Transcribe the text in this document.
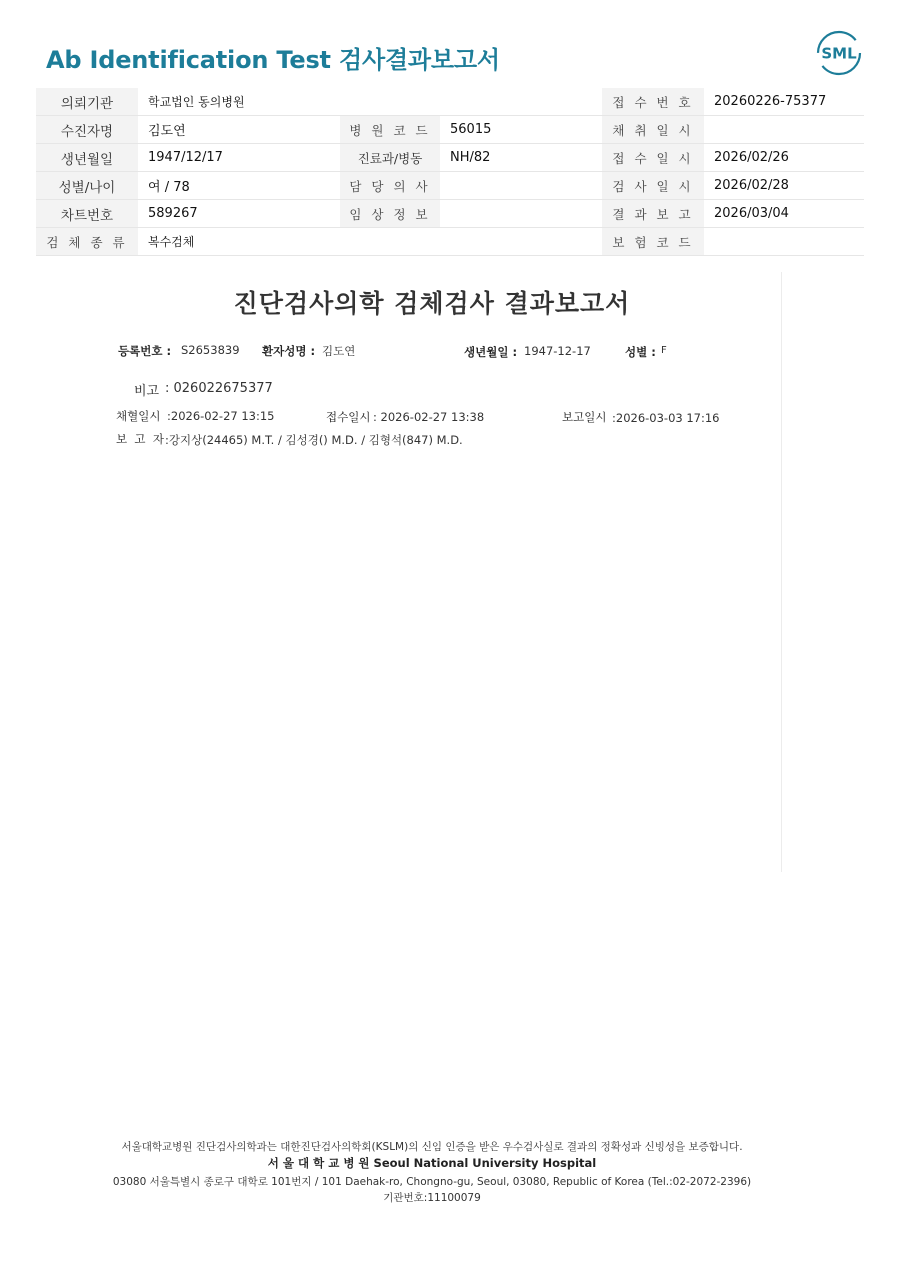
Ab Identification Test 검사결과보고서	SML
의뢰기관	학교법인 동의병원			접 수 번 호	20260226-75377
수진자명	김도연	병 원 코 드	56015	채 취 일 시	
생년월일	1947/12/17	진료과/병동	NH/82	접 수 일 시	2026/02/26
성별/나이	여 / 78	담 당 의 사		검 사 일 시	2026/02/28
차트번호	589267	임 상 정 보		결 과 보 고	2026/03/04
검 체 종 류	복수검체			보 험 코 드	
진단검사의학 검체검사 결과보고서
등록번호 : S2653839 환자성명 : 김도연	생년월일 : 1947-12-17	성별 : F
비고 : 026022675377
채혈일시 :2026-02-27 13:15	접수일시 : 2026-02-27 13:38	보고일시 :2026-03-03 17:16
보  고  자 :강지상(24465) M.T. / 김성경() M.D. / 김형석(847) M.D.
서울대학교병원 진단검사의학과는 대한진단검사의학회(KSLM)의 신임 인증을 받은 우수검사실로 결과의 정확성과 신빙성을 보증합니다.
서 울 대 학 교 병 원 Seoul National University Hospital
03080 서울특별시 종로구 대학로 101번지 / 101 Daehak-ro, Chongno-gu, Seoul, 03080, Republic of Korea (Tel.:02-2072-2396)
기관번호:11100079
